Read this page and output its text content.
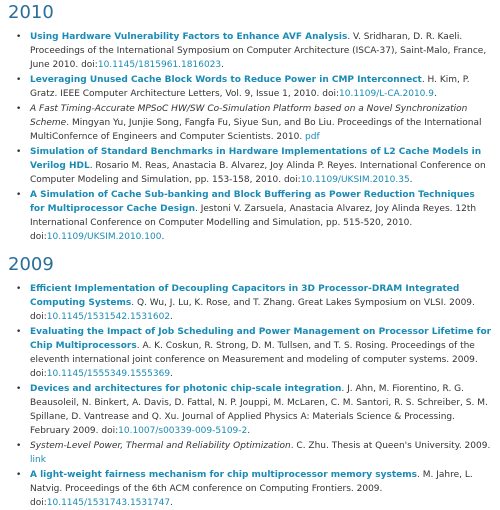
2010
• Using Hardware Vulnerability Factors to Enhance AVF Analysis. V. Sridharan, D. R. Kaeli. Proceedings of the International Symposium on Computer Architecture (ISCA-37), Saint-Malo, France, June 2010. doi:10.1145/1815961.1816023.
• Leveraging Unused Cache Block Words to Reduce Power in CMP Interconnect. H. Kim, P. Gratz. IEEE Computer Architecture Letters, Vol. 9, Issue 1, 2010. doi:10.1109/L-CA.2010.9.
• A Fast Timing-Accurate MPSoC HW/SW Co-Simulation Platform based on a Novel Synchronization Scheme. Mingyan Yu, Junjie Song, Fangfa Fu, Siyue Sun, and Bo Liu. Proceedings of the International MultiConfernce of Engineers and Computer Scientists. 2010. pdf
• Simulation of Standard Benchmarks in Hardware Implementations of L2 Cache Models in Verilog HDL. Rosario M. Reas, Anastacia B. Alvarez, Joy Alinda P. Reyes. International Conference on Computer Modeling and Simulation, pp. 153-158, 2010. doi:10.1109/UKSIM.2010.35.
• A Simulation of Cache Sub-banking and Block Buffering as Power Reduction Techniques for Multiprocessor Cache Design. Jestoni V. Zarsuela, Anastacia Alvarez, Joy Alinda Reyes. 12th International Conference on Computer Modelling and Simulation, pp. 515-520, 2010. doi:10.1109/UKSIM.2010.100.
2009
• Efficient Implementation of Decoupling Capacitors in 3D Processor-DRAM Integrated Computing Systems. Q. Wu, J. Lu, K. Rose, and T. Zhang. Great Lakes Symposium on VLSI. 2009. doi:10.1145/1531542.1531602.
• Evaluating the Impact of Job Scheduling and Power Management on Processor Lifetime for Chip Multiprocessors. A. K. Coskun, R. Strong, D. M. Tullsen, and T. S. Rosing. Proceedings of the eleventh international joint conference on Measurement and modeling of computer systems. 2009. doi:10.1145/1555349.1555369.
• Devices and architectures for photonic chip-scale integration. J. Ahn, M. Fiorentino, R. G. Beausoleil, N. Binkert, A. Davis, D. Fattal, N. P. Jouppi, M. McLaren, C. M. Santori, R. S. Schreiber, S. M. Spillane, D. Vantrease and Q. Xu. Journal of Applied Physics A: Materials Science & Processing. February 2009. doi:10.1007/s00339-009-5109-2.
• System-Level Power, Thermal and Reliability Optimization. C. Zhu. Thesis at Queen's University. 2009. link
• A light-weight fairness mechanism for chip multiprocessor memory systems. M. Jahre, L. Natvig. Proceedings of the 6th ACM conference on Computing Frontiers. 2009. doi:10.1145/1531743.1531747.
